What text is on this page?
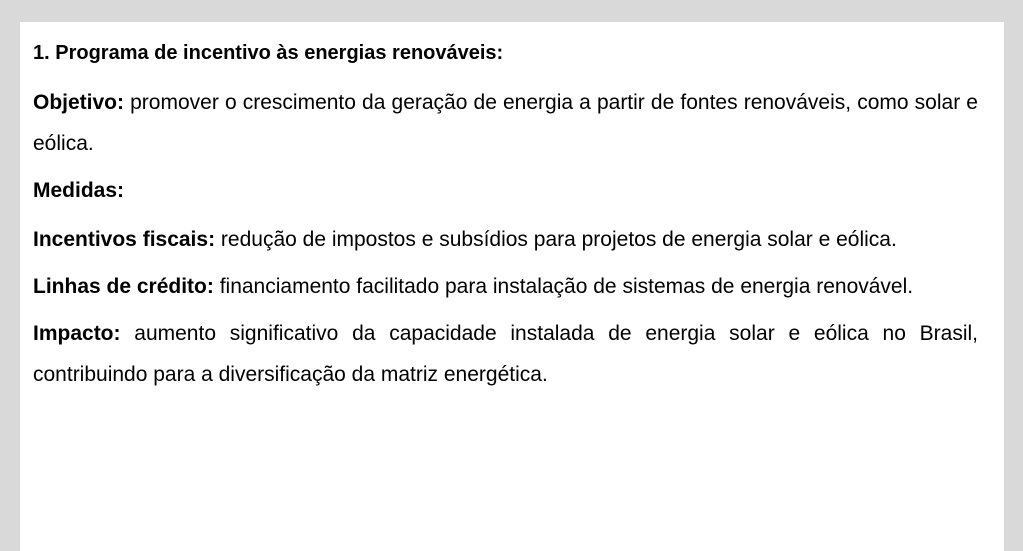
1. Programa de incentivo às energias renováveis:

Objetivo: promover o crescimento da geração de energia a partir de fontes renováveis, como solar e eólica.

Medidas:

Incentivos fiscais: redução de impostos e subsídios para projetos de energia solar e eólica.

Linhas de crédito: financiamento facilitado para instalação de sistemas de energia renovável.

Impacto: aumento significativo da capacidade instalada de energia solar e eólica no Brasil, contribuindo para a diversificação da matriz energética.
